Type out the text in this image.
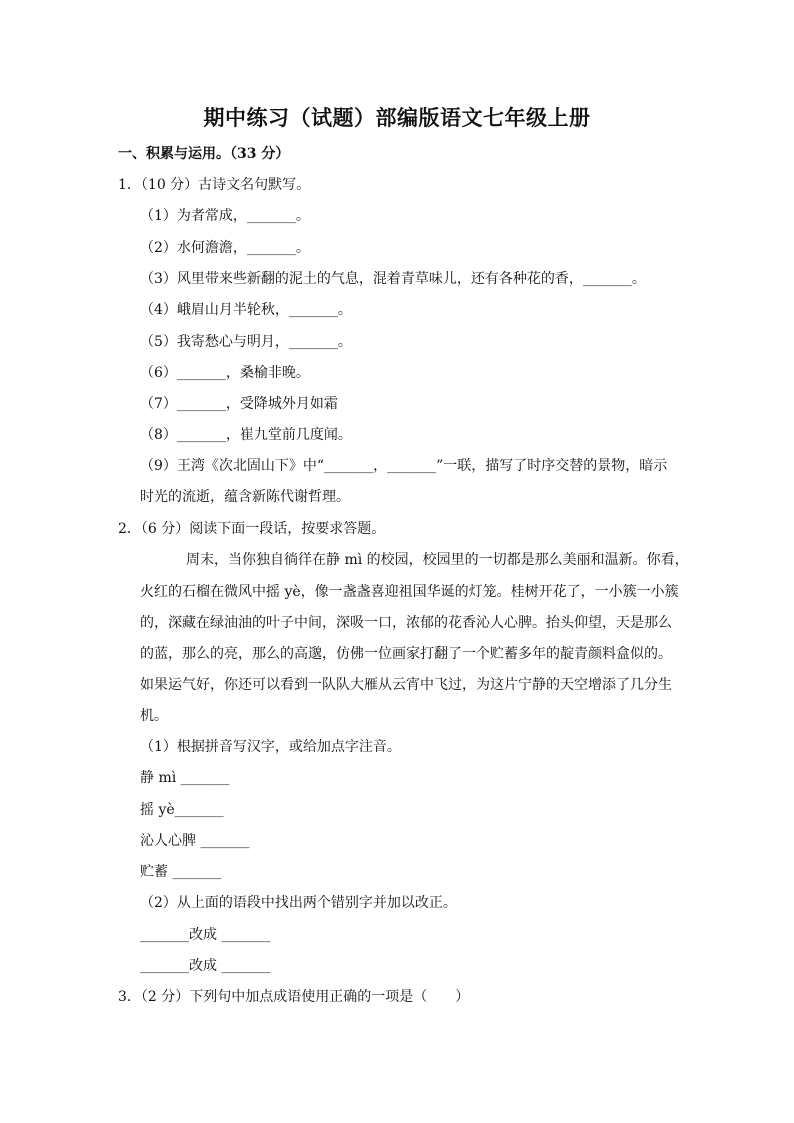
期中练习（试题）部编版语文七年级上册
一、积累与运用。（33 分）
1．（10 分）古诗文名句默写。
（1）为者常成，_______。
（2）水何澹澹，_______。
（3）风里带来些新翻的泥土的气息，混着青草味儿，还有各种花的香，_______。
（4）峨眉山月半轮秋，_______。
（5）我寄愁心与明月，_______。
（6）_______，桑榆非晚。
（7）_______，受降城外月如霜
（8）_______，崔九堂前几度闻。
（9）王湾《次北固山下》中“_______，_______”一联，描写了时序交替的景物，暗示
时光的流逝，蕴含新陈代谢哲理。
2．（6 分）阅读下面一段话，按要求答题。
周末，当你独自徜徉在静 mì 的校园，校园里的一切都是那么美丽和温新。你看，
火红的石榴在微风中摇 yè，像一盏盏喜迎祖国华诞的灯笼。桂树开花了，一小簇一小簇
的，深藏在绿油油的叶子中间，深吸一口，浓郁的花香沁人心脾。抬头仰望，天是那么
的蓝，那么的亮，那么的高邈，仿佛一位画家打翻了一个贮蓄多年的靛青颜料盒似的。
如果运气好，你还可以看到一队队大雁从云宵中飞过，为这片宁静的天空增添了几分生
机。
（1）根据拼音写汉字，或给加点字注音。
静 mì _______
摇 yè_______
沁人心脾 _______
贮蓄 _______
（2）从上面的语段中找出两个错别字并加以改正。
_______改成 _______
_______改成 _______
3．（2 分）下列句中加点成语使用正确的一项是（　　）
